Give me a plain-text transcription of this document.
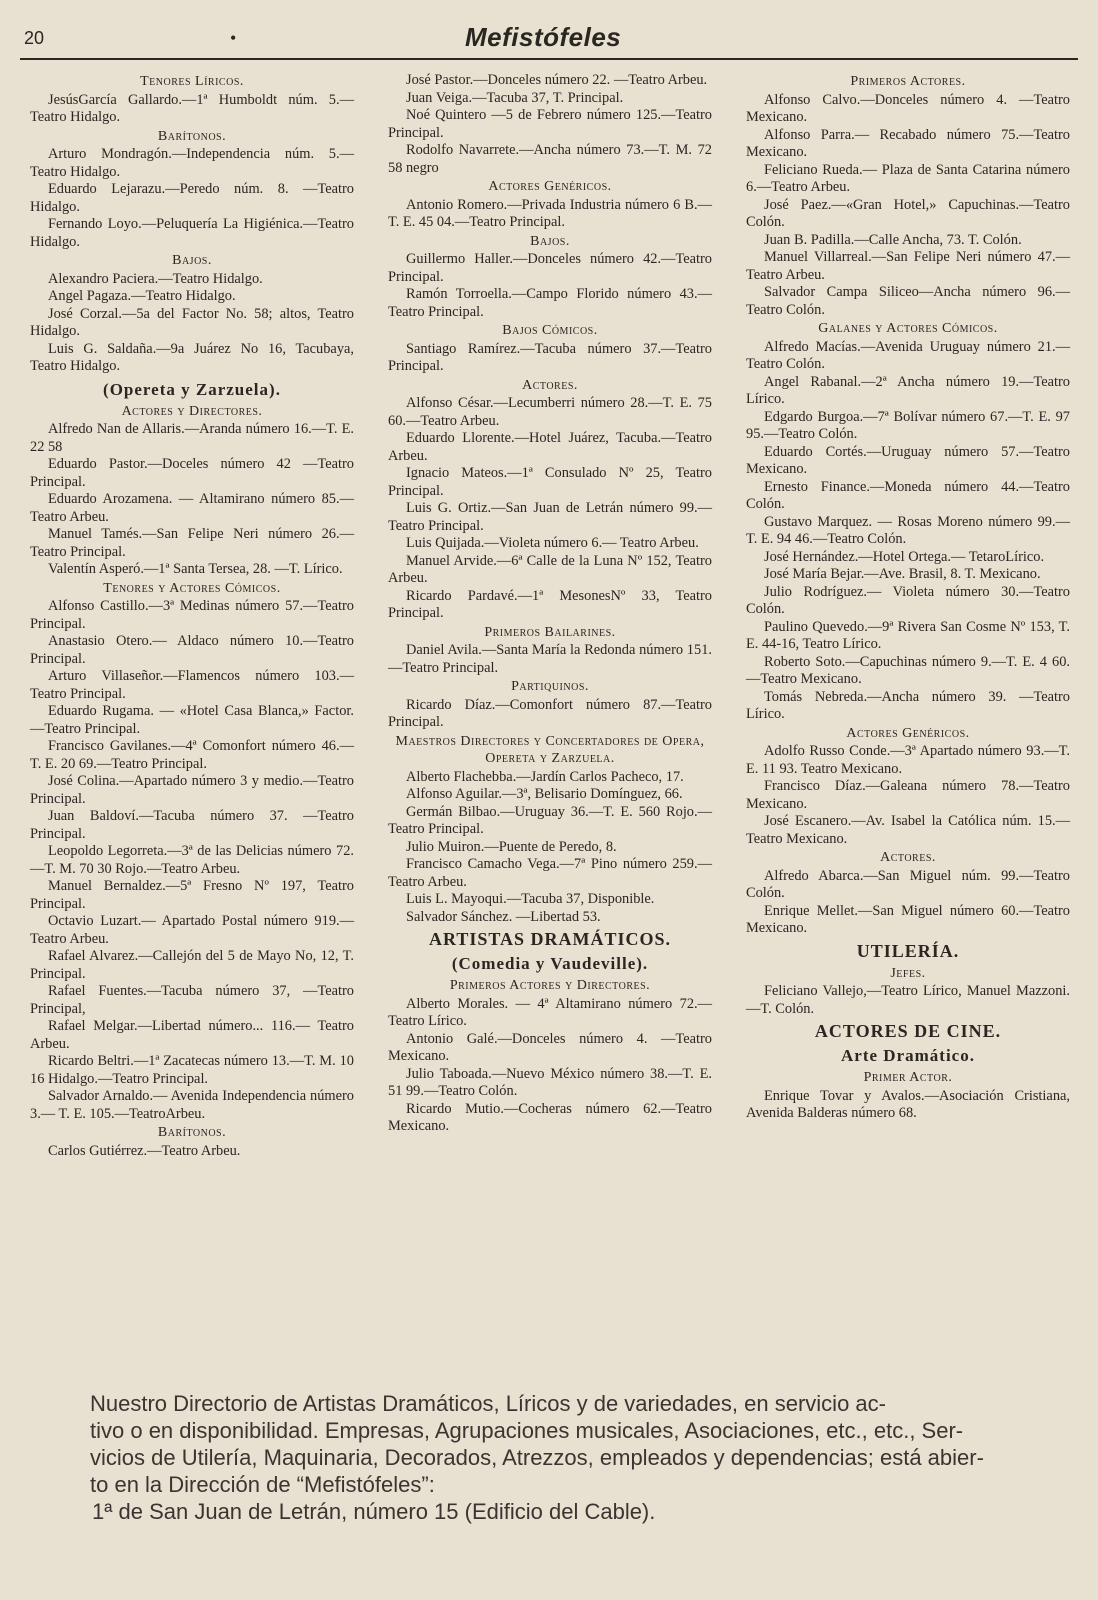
20	•	Mefistófeles
Tenores Líricos.
JesúsGarcía Gallardo.—1ª Humboldt núm. 5.—Teatro Hidalgo.
Barítonos.
Arturo Mondragón.—Independencia núm. 5.—Teatro Hidalgo.
Eduardo Lejarazu.—Peredo núm. 8. —Teatro Hidalgo.
Fernando Loyo.—Peluquería La Higiénica.—Teatro Hidalgo.
Bajos.
Alexandro Paciera.—Teatro Hidalgo.
Angel Pagaza.—Teatro Hidalgo.
José Corzal.—5a del Factor No. 58; altos, Teatro Hidalgo.
Luis G. Saldaña.—9a Juárez No 16, Tacubaya, Teatro Hidalgo.
(Opereta y Zarzuela).
Actores y Directores.
Alfredo Nan de Allaris.—Aranda número 16.—T. E. 22 58
Eduardo Pastor.—Doceles número 42 —Teatro Principal.
Eduardo Arozamena. — Altamirano número 85.—Teatro Arbeu.
Manuel Tamés.—San Felipe Neri número 26.—Teatro Principal.
Valentín Asperó.—1ª Santa Tersea, 28. —T. Lírico.
Tenores y Actores Cómicos.
Alfonso Castillo.—3ª Medinas número 57.—Teatro Principal.
Anastasio Otero.— Aldaco número 10.—Teatro Principal.
Arturo Villaseñor.—Flamencos número 103.—Teatro Principal.
Eduardo Rugama. — «Hotel Casa Blanca,» Factor.—Teatro Principal.
Francisco Gavilanes.—4ª Comonfort número 46.—T. E. 20 69.—Teatro Principal.
José Colina.—Apartado número 3 y medio.—Teatro Principal.
Juan Baldoví.—Tacuba número 37. —Teatro Principal.
Leopoldo Legorreta.—3ª de las Delicias número 72.—T. M. 70 30 Rojo.—Teatro Arbeu.
Manuel Bernaldez.—5ª Fresno Nº 197, Teatro Principal.
Octavio Luzart.— Apartado Postal número 919.—Teatro Arbeu.
Rafael Alvarez.—Callejón del 5 de Mayo No, 12, T. Principal.
Rafael Fuentes.—Tacuba número 37, —Teatro Principal,
Rafael Melgar.—Libertad número... 116.— Teatro Arbeu.
Ricardo Beltri.—1ª Zacatecas número 13.—T. M. 10 16 Hidalgo.—Teatro Principal.
Salvador Arnaldo.— Avenida Independencia número 3.— T. E. 105.—TeatroArbeu.
Barítonos.
Carlos Gutiérrez.—Teatro Arbeu.
José Pastor.—Donceles número 22. —Teatro Arbeu.
Juan Veiga.—Tacuba 37, T. Principal.
Noé Quintero —5 de Febrero número 125.—Teatro Principal.
Rodolfo Navarrete.—Ancha número 73.—T. M. 72 58 negro
Actores Genéricos.
Antonio Romero.—Privada Industria número 6 B.—T. E. 45 04.—Teatro Principal.
Bajos.
Guillermo Haller.—Donceles número 42.—Teatro Principal.
Ramón Torroella.—Campo Florido número 43.—Teatro Principal.
Bajos Cómicos.
Santiago Ramírez.—Tacuba número 37.—Teatro Principal.
Actores.
Alfonso César.—Lecumberri número 28.—T. E. 75 60.—Teatro Arbeu.
Eduardo Llorente.—Hotel Juárez, Tacuba.—Teatro Arbeu.
Ignacio Mateos.—1ª Consulado Nº 25, Teatro Principal.
Luis G. Ortiz.—San Juan de Letrán número 99.—Teatro Principal.
Luis Quijada.—Violeta número 6.— Teatro Arbeu.
Manuel Arvide.—6ª Calle de la Luna Nº 152, Teatro Arbeu.
Ricardo Pardavé.—1ª MesonesNº 33, Teatro Principal.
Primeros Bailarines.
Daniel Avila.—Santa María la Redonda número 151.—Teatro Principal.
Partiquinos.
Ricardo Díaz.—Comonfort número 87.—Teatro Principal.
Maestros Directores y Concertadores de Opera, Opereta y Zarzuela.
Alberto Flachebba.—Jardín Carlos Pacheco, 17.
Alfonso Aguilar.—3ª, Belisario Domínguez, 66.
Germán Bilbao.—Uruguay 36.—T. E. 560 Rojo.—Teatro Principal.
Julio Muiron.—Puente de Peredo, 8.
Francisco Camacho Vega.—7ª Pino número 259.—Teatro Arbeu.
Luis L. Mayoqui.—Tacuba 37, Disponible.
Salvador Sánchez. —Libertad 53.
ARTISTAS DRAMÁTICOS.
(Comedia y Vaudeville).
Primeros Actores y Directores.
Alberto Morales. — 4ª Altamirano número 72.—Teatro Lírico.
Antonio Galé.—Donceles número 4. —Teatro Mexicano.
Julio Taboada.—Nuevo México número 38.—T. E. 51 99.—Teatro Colón.
Ricardo Mutio.—Cocheras número 62.—Teatro Mexicano.
Primeros Actores.
Alfonso Calvo.—Donceles número 4. —Teatro Mexicano.
Alfonso Parra.— Recabado número 75.—Teatro Mexicano.
Feliciano Rueda.— Plaza de Santa Catarina número 6.—Teatro Arbeu.
José Paez.—«Gran Hotel,» Capuchinas.—Teatro Colón.
Juan B. Padilla.—Calle Ancha, 73. T. Colón.
Manuel Villarreal.—San Felipe Neri número 47.—Teatro Arbeu.
Salvador Campa Siliceo—Ancha número 96.—Teatro Colón.
Galanes y Actores Cómicos.
Alfredo Macías.—Avenida Uruguay número 21.—Teatro Colón.
Angel Rabanal.—2ª Ancha número 19.—Teatro Lírico.
Edgardo Burgoa.—7ª Bolívar número 67.—T. E. 97 95.—Teatro Colón.
Eduardo Cortés.—Uruguay número 57.—Teatro Mexicano.
Ernesto Finance.—Moneda número 44.—Teatro Colón.
Gustavo Marquez. — Rosas Moreno número 99.—T. E. 94 46.—Teatro Colón.
José Hernández.—Hotel Ortega.— TetaroLírico.
José María Bejar.—Ave. Brasil, 8. T. Mexicano.
Julio Rodríguez.— Violeta número 30.—Teatro Colón.
Paulino Quevedo.—9ª Rivera San Cosme Nº 153, T. E. 44-16, Teatro Lírico.
Roberto Soto.—Capuchinas número 9.—T. E. 4 60.—Teatro Mexicano.
Tomás Nebreda.—Ancha número 39. —Teatro Lírico.
Actores Genéricos.
Adolfo Russo Conde.—3ª Apartado número 93.—T. E. 11 93. Teatro Mexicano.
Francisco Díaz.—Galeana número 78.—Teatro Mexicano.
José Escanero.—Av. Isabel la Católica núm. 15.—Teatro Mexicano.
Actores.
Alfredo Abarca.—San Miguel núm. 99.—Teatro Colón.
Enrique Mellet.—San Miguel número 60.—Teatro Mexicano.
UTILERÍA.
Jefes.
Feliciano Vallejo,—Teatro Lírico, Manuel Mazzoni.—T. Colón.
ACTORES DE CINE.
Arte Dramático.
Primer Actor.
Enrique Tovar y Avalos.—Asociación Cristiana, Avenida Balderas número 68.
Nuestro Directorio de Artistas Dramáticos, Líricos y de variedades, en servicio ac-
tivo o en disponibilidad. Empresas, Agrupaciones musicales, Asociaciones, etc., etc., Ser-
vicios de Utilería, Maquinaria, Decorados, Atrezzos, empleados y dependencias; está abier-
to en la Dirección de “Mefistófeles”:
1ª de San Juan de Letrán, número 15 (Edificio del Cable).
